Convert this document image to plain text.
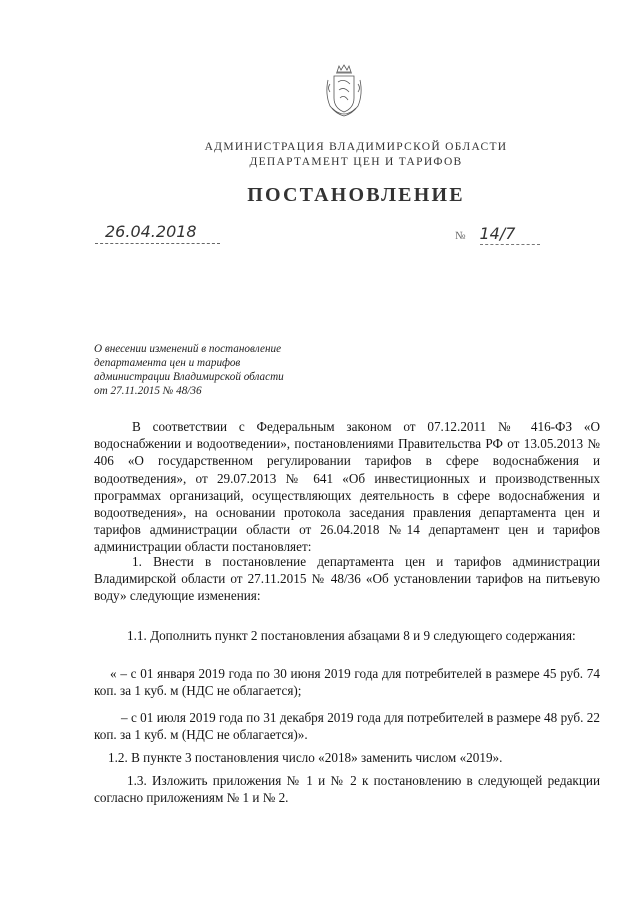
АДМИНИСТРАЦИЯ ВЛАДИМИРСКОЙ ОБЛАСТИ
ДЕПАРТАМЕНТ ЦЕН И ТАРИФОВ
ПОСТАНОВЛЕНИЕ
26.04.2018	№ 14/7
О внесении изменений в постановление
департамента цен и тарифов
администрации Владимирской области
от 27.11.2015 № 48/36
В соответствии с Федеральным законом от 07.12.2011 № 416-ФЗ «О водоснабжении и водоотведении», постановлениями Правительства РФ от 13.05.2013 № 406 «О государственном регулировании тарифов в сфере водоснабжения и водоотведения», от 29.07.2013 № 641 «Об инвестиционных и производственных программах организаций, осуществляющих деятельность в сфере водоснабжения и водоотведения», на основании протокола заседания правления департамента цен и тарифов администрации области от 26.04.2018 №14 департамент цен и тарифов администрации области постановляет:
1. Внести в постановление департамента цен и тарифов администрации Владимирской области от 27.11.2015 № 48/36 «Об установлении тарифов на питьевую воду» следующие изменения:
1.1. Дополнить пункт 2 постановления абзацами 8 и 9 следующего содержания:
« – с 01 января 2019 года по 30 июня 2019 года для потребителей в размере 45 руб. 74 коп. за 1 куб. м (НДС не облагается);
– с 01 июля 2019 года по 31 декабря 2019 года для потребителей в размере 48 руб. 22 коп. за 1 куб. м (НДС не облагается)».
1.2. В пункте 3 постановления число «2018» заменить числом «2019».
1.3. Изложить приложения № 1 и № 2 к постановлению в следующей редакции согласно приложениям № 1 и № 2.
